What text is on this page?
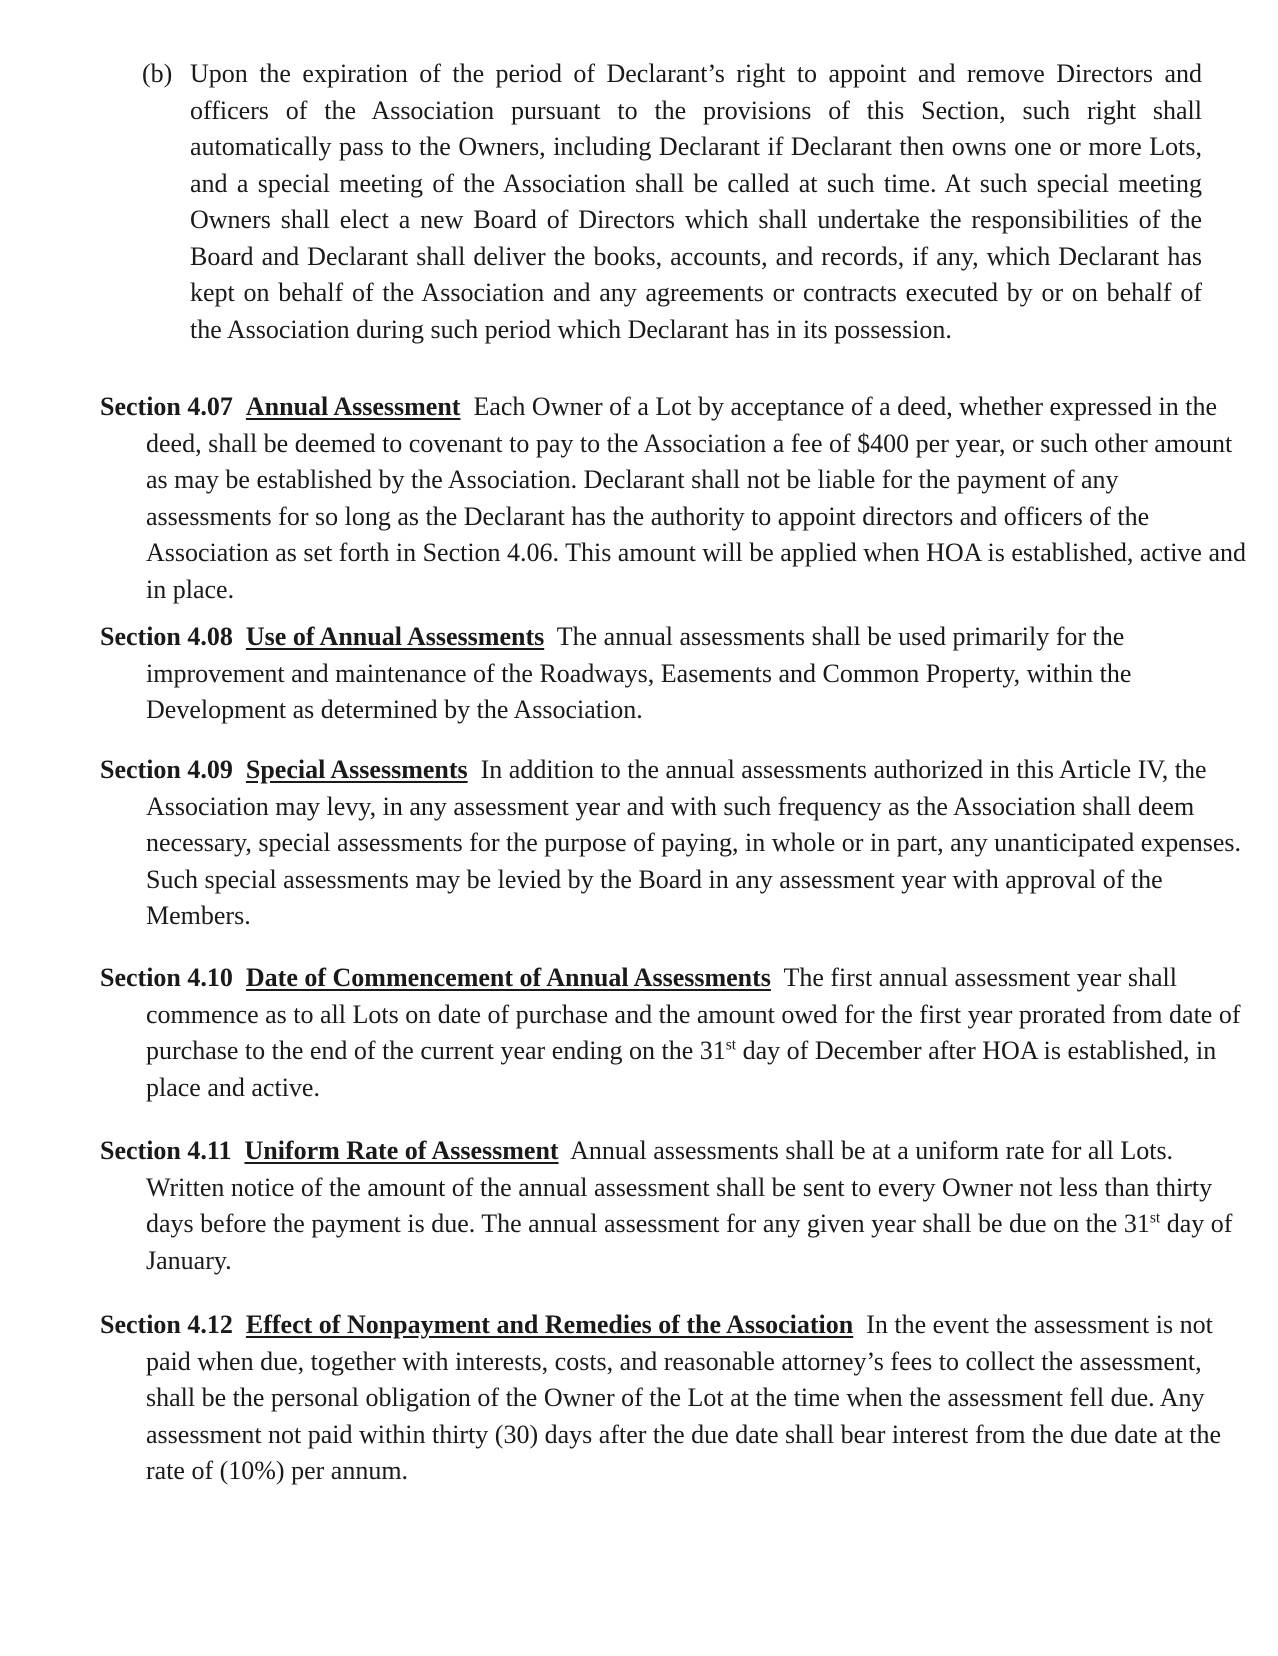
(b) Upon the expiration of the period of Declarant’s right to appoint and remove Directors and officers of the Association pursuant to the provisions of this Section, such right shall automatically pass to the Owners, including Declarant if Declarant then owns one or more Lots, and a special meeting of the Association shall be called at such time. At such special meeting Owners shall elect a new Board of Directors which shall undertake the responsibilities of the Board and Declarant shall deliver the books, accounts, and records, if any, which Declarant has kept on behalf of the Association and any agreements or contracts executed by or on behalf of the Association during such period which Declarant has in its possession.

Section 4.07 Annual Assessment Each Owner of a Lot by acceptance of a deed, whether expressed in the deed, shall be deemed to covenant to pay to the Association a fee of $400 per year, or such other amount as may be established by the Association. Declarant shall not be liable for the payment of any assessments for so long as the Declarant has the authority to appoint directors and officers of the Association as set forth in Section 4.06. This amount will be applied when HOA is established, active and in place.

Section 4.08 Use of Annual Assessments The annual assessments shall be used primarily for the improvement and maintenance of the Roadways, Easements and Common Property, within the Development as determined by the Association.

Section 4.09 Special Assessments In addition to the annual assessments authorized in this Article IV, the Association may levy, in any assessment year and with such frequency as the Association shall deem necessary, special assessments for the purpose of paying, in whole or in part, any unanticipated expenses. Such special assessments may be levied by the Board in any assessment year with approval of the Members.

Section 4.10 Date of Commencement of Annual Assessments The first annual assessment year shall commence as to all Lots on date of purchase and the amount owed for the first year prorated from date of purchase to the end of the current year ending on the 31st day of December after HOA is established, in place and active.

Section 4.11 Uniform Rate of Assessment Annual assessments shall be at a uniform rate for all Lots. Written notice of the amount of the annual assessment shall be sent to every Owner not less than thirty days before the payment is due. The annual assessment for any given year shall be due on the 31st day of January.

Section 4.12 Effect of Nonpayment and Remedies of the Association In the event the assessment is not paid when due, together with interests, costs, and reasonable attorney’s fees to collect the assessment, shall be the personal obligation of the Owner of the Lot at the time when the assessment fell due. Any assessment not paid within thirty (30) days after the due date shall bear interest from the due date at the rate of (10%) per annum.
